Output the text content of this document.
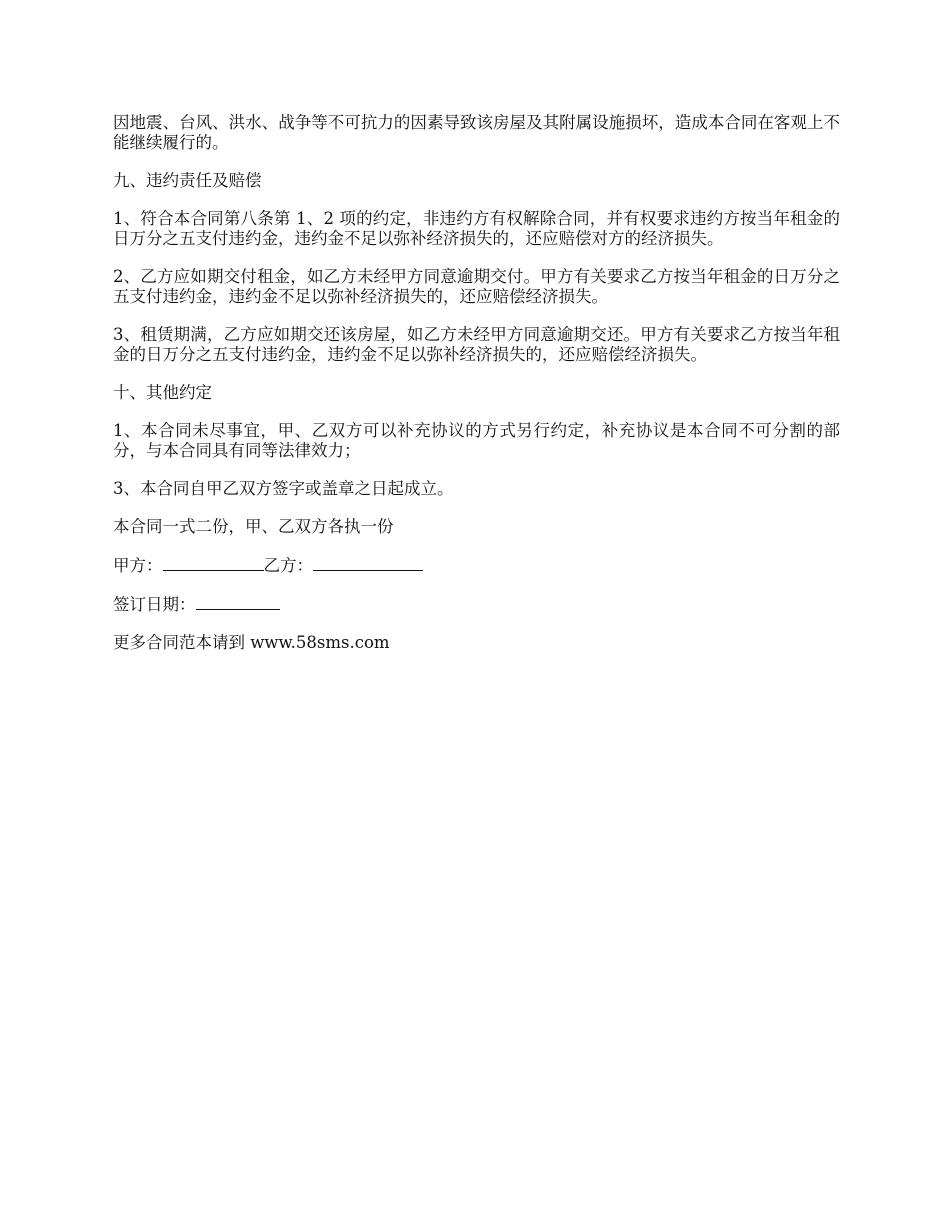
因地震、台风、洪水、战争等不可抗力的因素导致该房屋及其附属设施损坏，造成本合同在客观上不能继续履行的。

九、违约责任及赔偿

1、符合本合同第八条第 1、2 项的约定，非违约方有权解除合同，并有权要求违约方按当年租金的日万分之五支付违约金，违约金不足以弥补经济损失的，还应赔偿对方的经济损失。

2、乙方应如期交付租金，如乙方未经甲方同意逾期交付。甲方有关要求乙方按当年租金的日万分之五支付违约金，违约金不足以弥补经济损失的，还应赔偿经济损失。

3、租赁期满，乙方应如期交还该房屋，如乙方未经甲方同意逾期交还。甲方有关要求乙方按当年租金的日万分之五支付违约金，违约金不足以弥补经济损失的，还应赔偿经济损失。

十、其他约定

1、本合同未尽事宜，甲、乙双方可以补充协议的方式另行约定，补充协议是本合同不可分割的部分，与本合同具有同等法律效力；

3、本合同自甲乙双方签字或盖章之日起成立。

本合同一式二份，甲、乙双方各执一份

甲方：	乙方：

签订日期：

更多合同范本请到 www.58sms.com
